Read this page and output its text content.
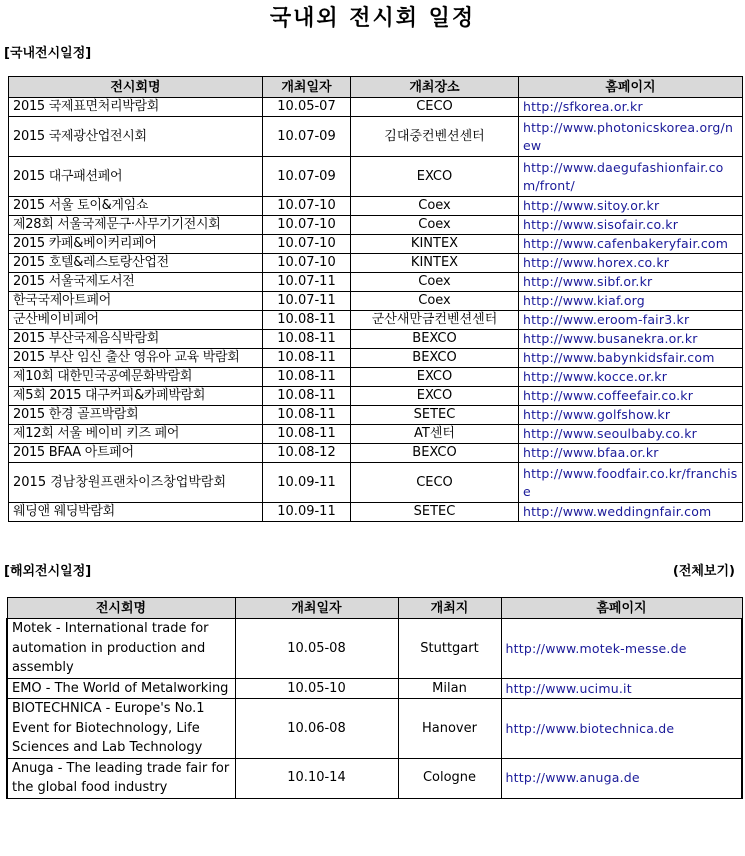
국내외 전시회 일정
[국내전시일정]
전시회명	개최일자	개최장소	홈페이지
2015 국제표면처리박람회	10.05-07	CECO	http://sfkorea.or.kr
2015 국제광산업전시회	10.07-09	김대중컨벤션센터	http://www.photonicskorea.org/new
2015 대구패션페어	10.07-09	EXCO	http://www.daegufashionfair.com/front/
2015 서울 토이&게임쇼	10.07-10	Coex	http://www.sitoy.or.kr
제28회 서울국제문구·사무기기전시회	10.07-10	Coex	http://www.sisofair.co.kr
2015 카페&베이커리페어	10.07-10	KINTEX	http://www.cafenbakeryfair.com
2015 호텔&레스토랑산업전	10.07-10	KINTEX	http://www.horex.co.kr
2015 서울국제도서전	10.07-11	Coex	http://www.sibf.or.kr
한국국제아트페어	10.07-11	Coex	http://www.kiaf.org
군산베이비페어	10.08-11	군산새만금컨벤션센터	http://www.eroom-fair3.kr
2015 부산국제음식박람회	10.08-11	BEXCO	http://www.busanekra.or.kr
2015 부산 임신 출산 영유아 교육 박람회	10.08-11	BEXCO	http://www.babynkidsfair.com
제10회 대한민국공예문화박람회	10.08-11	EXCO	http://www.kocce.or.kr
제5회 2015 대구커피&카페박람회	10.08-11	EXCO	http://www.coffeefair.co.kr
2015 한경 골프박람회	10.08-11	SETEC	http://www.golfshow.kr
제12회 서울 베이비 키즈 페어	10.08-11	AT센터	http://www.seoulbaby.co.kr
2015 BFAA 아트페어	10.08-12	BEXCO	http://www.bfaa.or.kr
2015 경남창원프랜차이즈창업박람회	10.09-11	CECO	http://www.foodfair.co.kr/franchise
웨딩앤 웨딩박람회	10.09-11	SETEC	http://www.weddingnfair.com
[해외전시일정]	(전체보기)
전시회명	개최일자	개최지	홈페이지
Motek - International trade for automation in production and assembly	10.05-08	Stuttgart	http://www.motek-messe.de
EMO - The World of Metalworking	10.05-10	Milan	http://www.ucimu.it
BIOTECHNICA - Europe's No.1 Event for Biotechnology, Life Sciences and Lab Technology	10.06-08	Hanover	http://www.biotechnica.de
Anuga - The leading trade fair for the global food industry	10.10-14	Cologne	http://www.anuga.de
